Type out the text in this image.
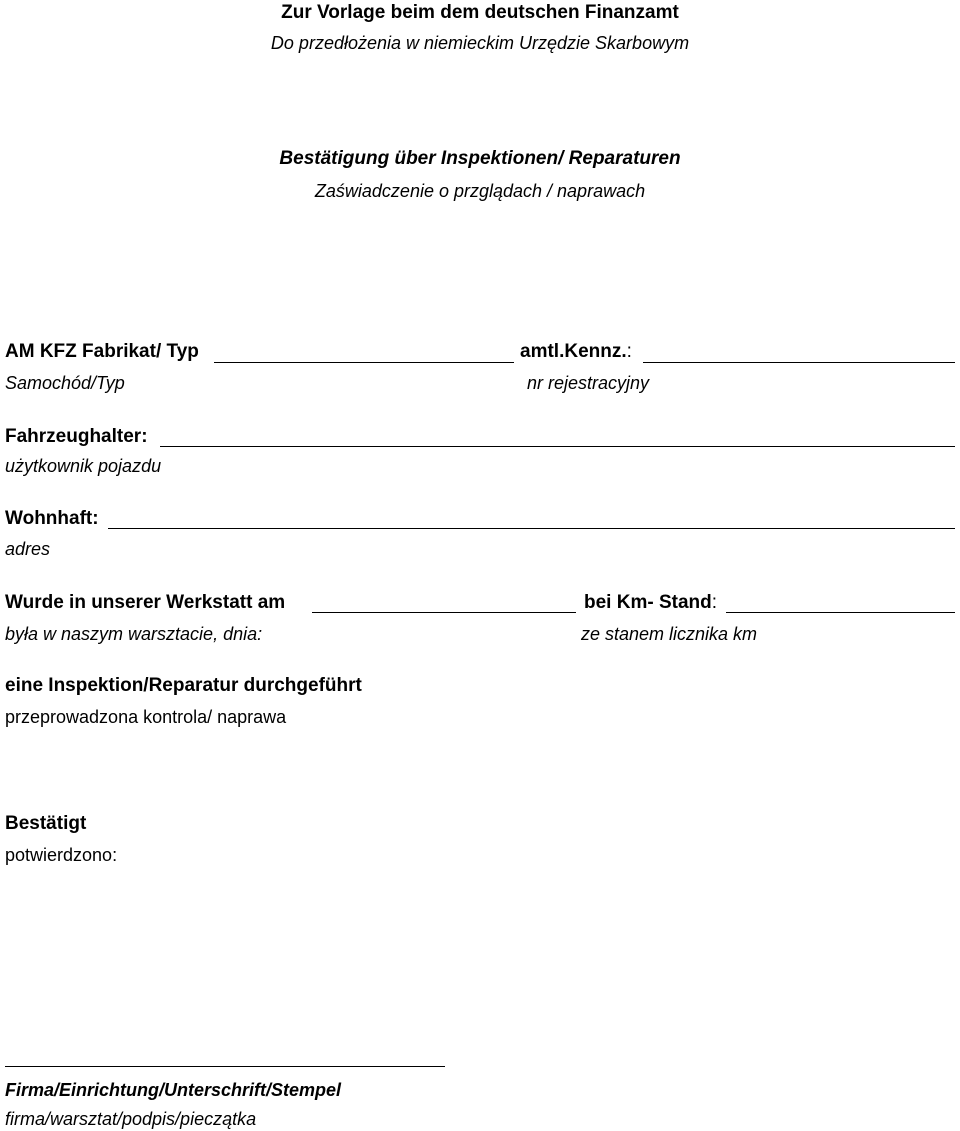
Zur Vorlage beim dem deutschen Finanzamt
Do przedłożenia w niemieckim Urzędzie Skarbowym
Bestätigung über Inspektionen/ Reparaturen
Zaświadczenie o przglądach / naprawach
AM KFZ Fabrikat/ Typ	amtl.Kennz.:
Samochód/Typ	nr rejestracyjny
Fahrzeughalter:
użytkownik pojazdu
Wohnhaft:
adres
Wurde in unserer Werkstatt am	bei Km- Stand:
była w naszym warsztacie, dnia:	ze stanem licznika km
eine Inspektion/Reparatur durchgeführt
przeprowadzona kontrola/ naprawa
Bestätigt
potwierdzono:
Firma/Einrichtung/Unterschrift/Stempel
firma/warsztat/podpis/pieczątka
